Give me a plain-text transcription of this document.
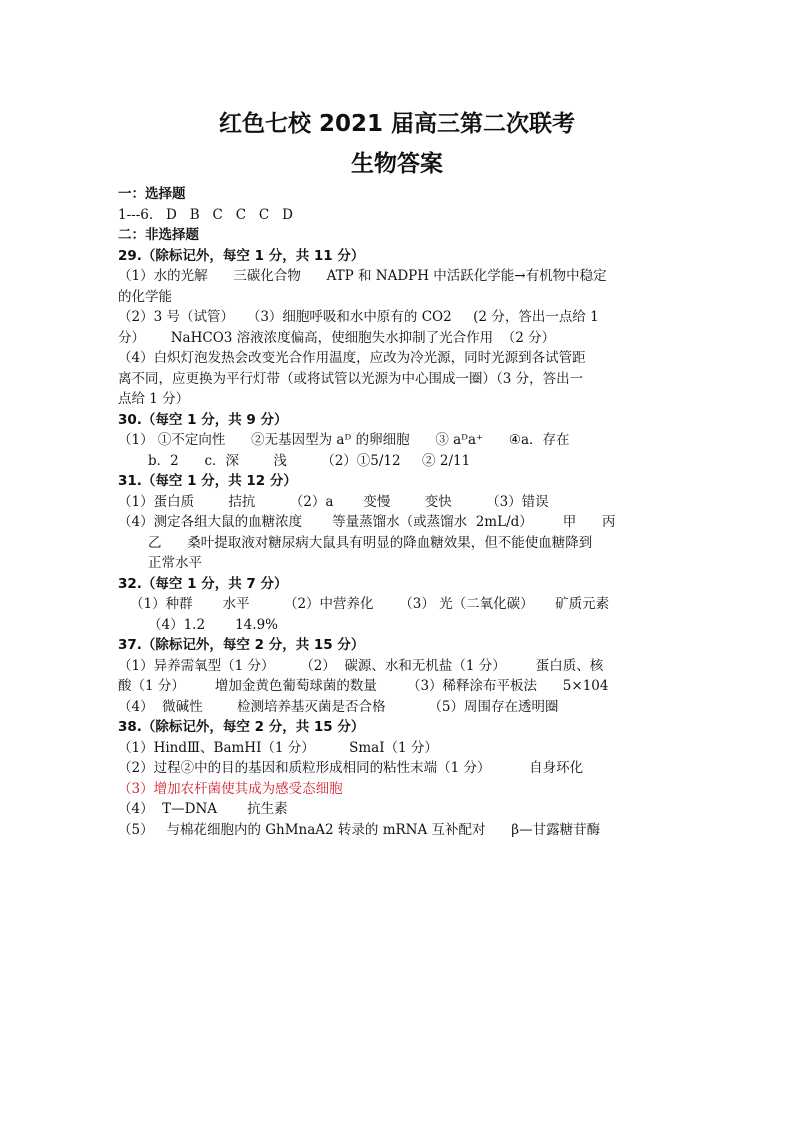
红色七校 2021 届高三第二次联考
生物答案
一：选择题
1---6.   D   B   C   C   C   D
二：非选择题
29.（除标记外，每空 1 分，共 11 分）
（1）水的光解      三碳化合物      ATP 和 NADPH 中活跃化学能→有机物中稳定
的化学能
（2）3 号（试管）   （3）细胞呼吸和水中原有的 CO2     (2 分，答出一点给 1
分）      NaHCO3 溶液浓度偏高，使细胞失水抑制了光合作用  （2 分）
（4）白炽灯泡发热会改变光合作用温度，应改为冷光源，同时光源到各试管距
离不同，应更换为平行灯带（或将试管以光源为中心围成一圈）（3 分，答出一
点给 1 分）
30.（每空 1 分，共 9 分）
（1） ①不定向性      ②无基因型为 aᴰ 的卵细胞      ③ aᴰa⁺      ④a．存在
b．2      c．深        浅        （2）①5/12     ② 2/11
31.（每空 1 分，共 12 分）
（1）蛋白质        拮抗        （2）a       变慢        变快        （3）错误
（4）测定各组大鼠的血糖浓度       等量蒸馏水（或蒸馏水  2mL/d）       甲      丙
乙      桑叶提取液对糖尿病大鼠具有明显的降血糖效果，但不能使血糖降到
正常水平
32.（每空 1 分，共 7 分）
（1）种群       水平        （2）中营养化      （3） 光（二氧化碳）     矿质元素
（4）1.2       14.9%
37.（除标记外，每空 2 分，共 15 分）
（1）异养需氧型（1 分）      （2）  碳源、水和无机盐（1 分）       蛋白质、核
酸（1 分）       增加金黄色葡萄球菌的数量       （3）稀释涂布平板法      5×104
（4）  微碱性        检测培养基灭菌是否合格          （5）周围存在透明圈
38.（除标记外，每空 2 分，共 15 分）
（1）HindⅢ、BamHⅠ（1 分）        SmaⅠ（1 分）
（2）过程②中的目的基因和质粒形成相同的粘性末端（1 分）         自身环化
（3）增加农杆菌使其成为感受态细胞
（4）  T—DNA       抗生素
（5）   与棉花细胞内的 GhMnaA2 转录的 mRNA 互补配对      β—甘露糖苷酶
